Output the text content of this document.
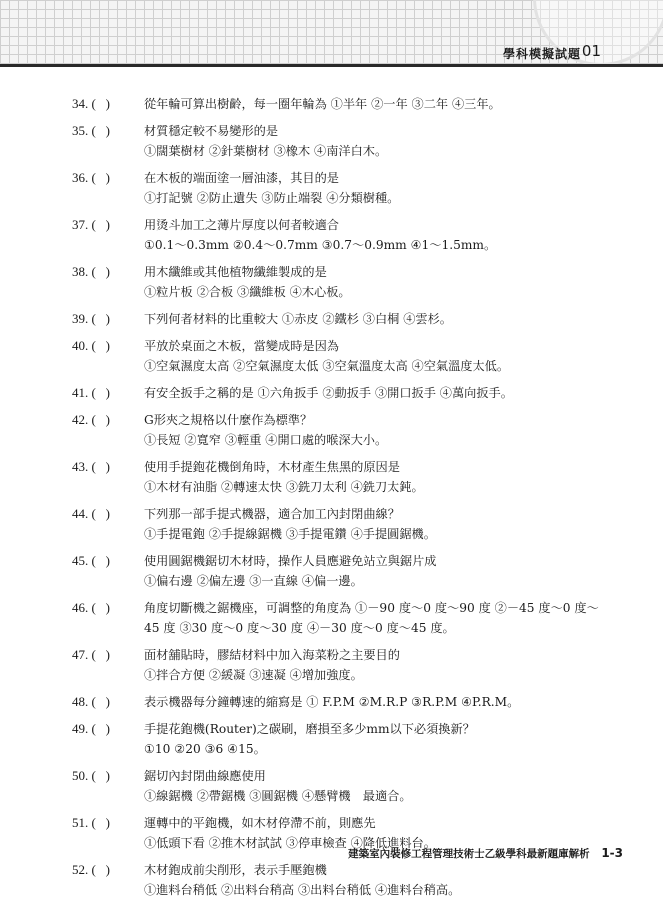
學科模擬試題 01
34. (   )	從年輪可算出樹齡，每一圈年輪為 ①半年 ②一年 ③二年 ④三年。
35. (   )	材質穩定較不易變形的是
①闊葉樹材 ②針葉樹材 ③橡木 ④南洋白木。
36. (   )	在木板的端面塗一層油漆，其目的是
①打記號 ②防止遺失 ③防止端裂 ④分類樹種。
37. (   )	用烫斗加工之薄片厚度以何者較適合
①0.1～0.3mm ②0.4～0.7mm ③0.7～0.9mm ④1～1.5mm。
38. (   )	用木纖維或其他植物纖維製成的是
①粒片板 ②合板 ③纖維板 ④木心板。
39. (   )	下列何者材料的比重較大 ①赤皮 ②鐵杉 ③白桐 ④雲杉。
40. (   )	平放於桌面之木板，當變成時是因為
①空氣濕度太高 ②空氣濕度太低 ③空氣溫度太高 ④空氣溫度太低。
41. (   )	有安全扳手之稱的是 ①六角扳手 ②動扳手 ③開口扳手 ④萬向扳手。
42. (   )	G形夾之規格以什麼作為標準？
①長短 ②寬窄 ③輕重 ④開口處的喉深大小。
43. (   )	使用手提鉋花機倒角時，木材產生焦黑的原因是
①木材有油脂 ②轉速太快 ③銑刀太利 ④銑刀太鈍。
44. (   )	下列那一部手提式機器，適合加工內封閉曲線？
①手提電鉋 ②手提線鋸機 ③手提電鑽 ④手提圓鋸機。
45. (   )	使用圓鋸機鋸切木材時，操作人員應避免站立與鋸片成
①偏右邊 ②偏左邊 ③一直線 ④偏一邊。
46. (   )	角度切斷機之鋸機座，可調整的角度為 ①－90 度～0 度～90 度 ②－45 度～0 度～45 度 ③30 度～0 度～30 度 ④－30 度～0 度～45 度。
47. (   )	面材舖貼時，膠結材料中加入海菜粉之主要目的
①拌合方便 ②緩凝 ③速凝 ④增加強度。
48. (   )	表示機器每分鐘轉速的縮寫是 ① F.P.M ②M.R.P ③R.P.M ④P.R.M。
49. (   )	手提花鉋機(Router)之碳刷，磨損至多少mm以下必須換新？
①10 ②20 ③6 ④15。
50. (   )	鋸切內封閉曲線應使用
①線鋸機 ②帶鋸機 ③圓鋸機 ④懸臂機　最適合。
51. (   )	運轉中的平鉋機，如木材停滯不前，則應先
①低頭下看 ②推木材試試 ③停車檢查 ④降低進料台。
52. (   )	木材鉋成前尖削形，表示手壓鉋機
①進料台稍低 ②出料台稍高 ③出料台稍低 ④進料台稍高。
建築室內裝修工程管理技術士乙級學科最新題庫解析 1-3
